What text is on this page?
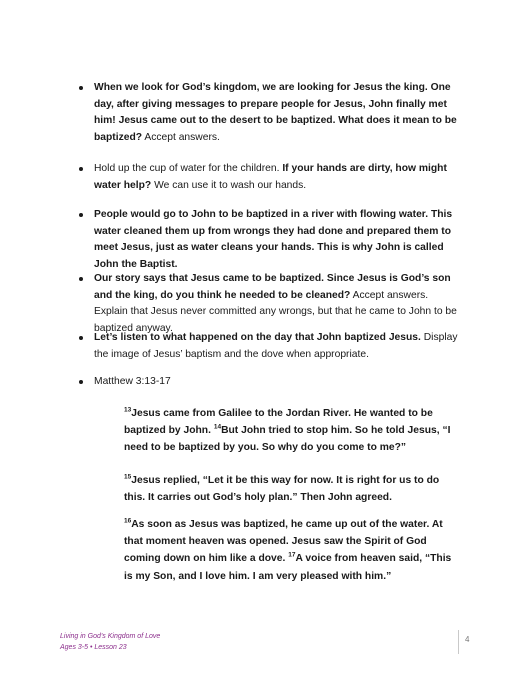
When we look for God’s kingdom, we are looking for Jesus the king. One day, after giving messages to prepare people for Jesus, John finally met him! Jesus came out to the desert to be baptized. What does it mean to be baptized? Accept answers.
Hold up the cup of water for the children. If your hands are dirty, how might water help? We can use it to wash our hands.
People would go to John to be baptized in a river with flowing water. This water cleaned them up from wrongs they had done and prepared them to meet Jesus, just as water cleans your hands. This is why John is called John the Baptist.
Our story says that Jesus came to be baptized. Since Jesus is God’s son and the king, do you think he needed to be cleaned? Accept answers. Explain that Jesus never committed any wrongs, but that he came to John to be baptized anyway.
Let’s listen to what happened on the day that John baptized Jesus. Display the image of Jesus’ baptism and the dove when appropriate.
Matthew 3:13-17

$^{13}$Jesus came from Galilee to the Jordan River. He wanted to be baptized by John. $^{14}$But John tried to stop him. So he told Jesus, “I need to be baptized by you. So why do you come to me?”

$^{15}$Jesus replied, “Let it be this way for now. It is right for us to do this. It carries out God’s holy plan.” Then John agreed.

$^{16}$As soon as Jesus was baptized, he came up out of the water. At that moment heaven was opened. Jesus saw the Spirit of God coming down on him like a dove. $^{17}$A voice from heaven said, “This is my Son, and I love him. I am very pleased with him.”

Living in God’s Kingdom of Love
Ages 3-5 • Lesson 23
4
